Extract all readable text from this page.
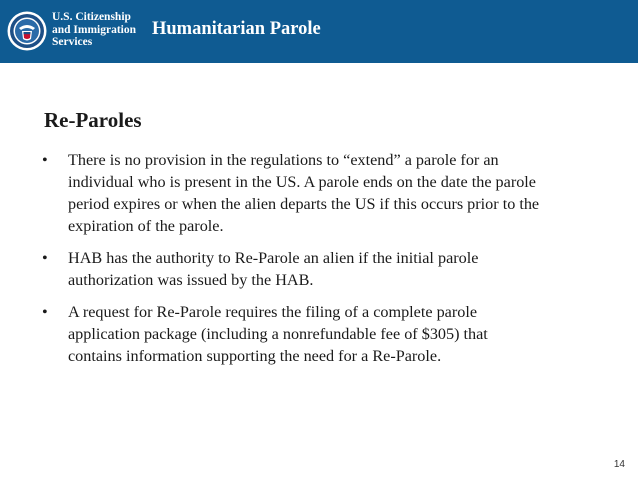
U.S. Citizenship
and Immigration
Services
Humanitarian Parole
Re-Paroles
• There is no provision in the regulations to “extend” a parole for an
individual who is present in the US. A parole ends on the date the parole
period expires or when the alien departs the US if this occurs prior to the
expiration of the parole.
• HAB has the authority to Re-Parole an alien if the initial parole
authorization was issued by the HAB.
• A request for Re-Parole requires the filing of a complete parole
application package (including a nonrefundable fee of $305) that
contains information supporting the need for a Re-Parole.
14
